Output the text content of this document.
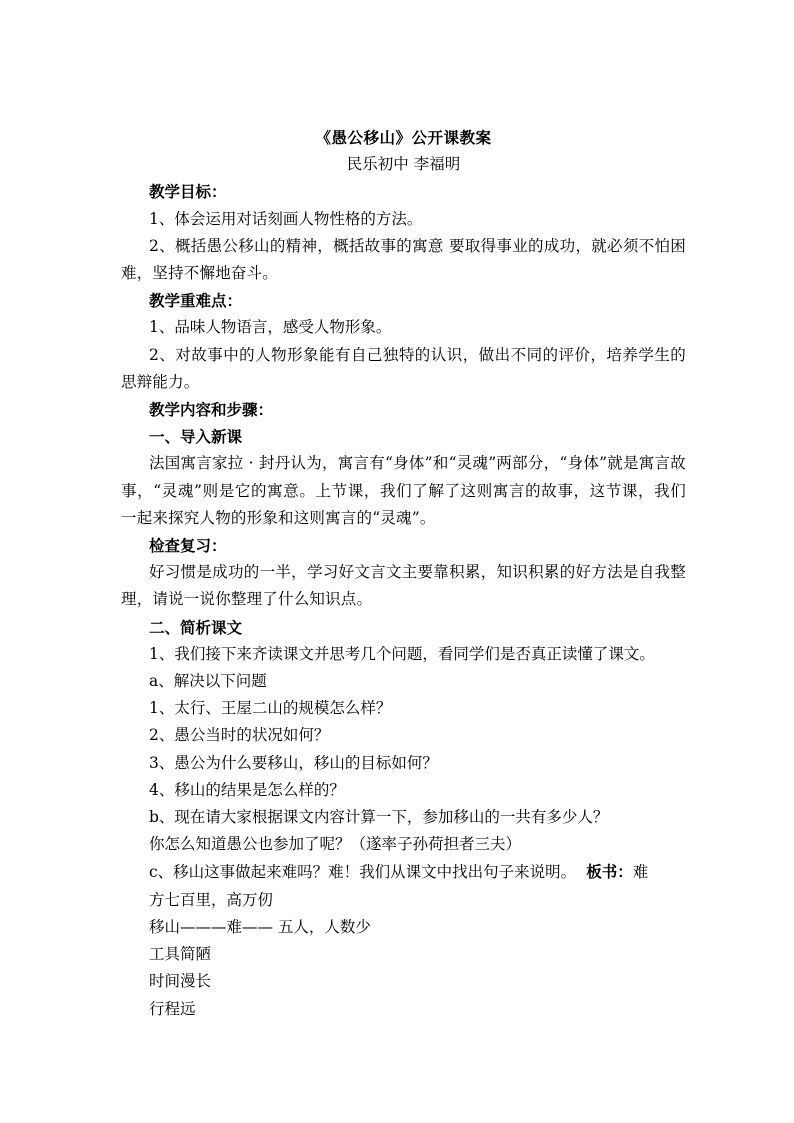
《愚公移山》公开课教案
民乐初中 李福明
教学目标：
1、体会运用对话刻画人物性格的方法。
2、概括愚公移山的精神，概括故事的寓意 要取得事业的成功，就必须不怕困难，坚持不懈地奋斗。
教学重难点：
1、品味人物语言，感受人物形象。
2、对故事中的人物形象能有自己独特的认识，做出不同的评价，培养学生的思辩能力。
教学内容和步骤：
一、导入新课
法国寓言家拉 · 封丹认为，寓言有“身体”和“灵魂”两部分，“身体”就是寓言故事，“灵魂”则是它的寓意。上节课，我们了解了这则寓言的故事，这节课，我们一起来探究人物的形象和这则寓言的“灵魂”。
检查复习：
好习惯是成功的一半，学习好文言文主要靠积累，知识积累的好方法是自我整理，请说一说你整理了什么知识点。
二、简析课文
1、我们接下来齐读课文并思考几个问题，看同学们是否真正读懂了课文。
a、解决以下问题
1、太行、王屋二山的规模怎么样？
2、愚公当时的状况如何？
3、愚公为什么要移山，移山的目标如何？
4、移山的结果是怎么样的？
b、现在请大家根据课文内容计算一下，参加移山的一共有多少人？
你怎么知道愚公也参加了呢？（遂率子孙荷担者三夫）
c、移山这事做起来难吗？难！我们从课文中找出句子来说明。 板书：难
方七百里，高万仞
移山———难—— 五人，人数少
工具简陋
时间漫长
行程远
